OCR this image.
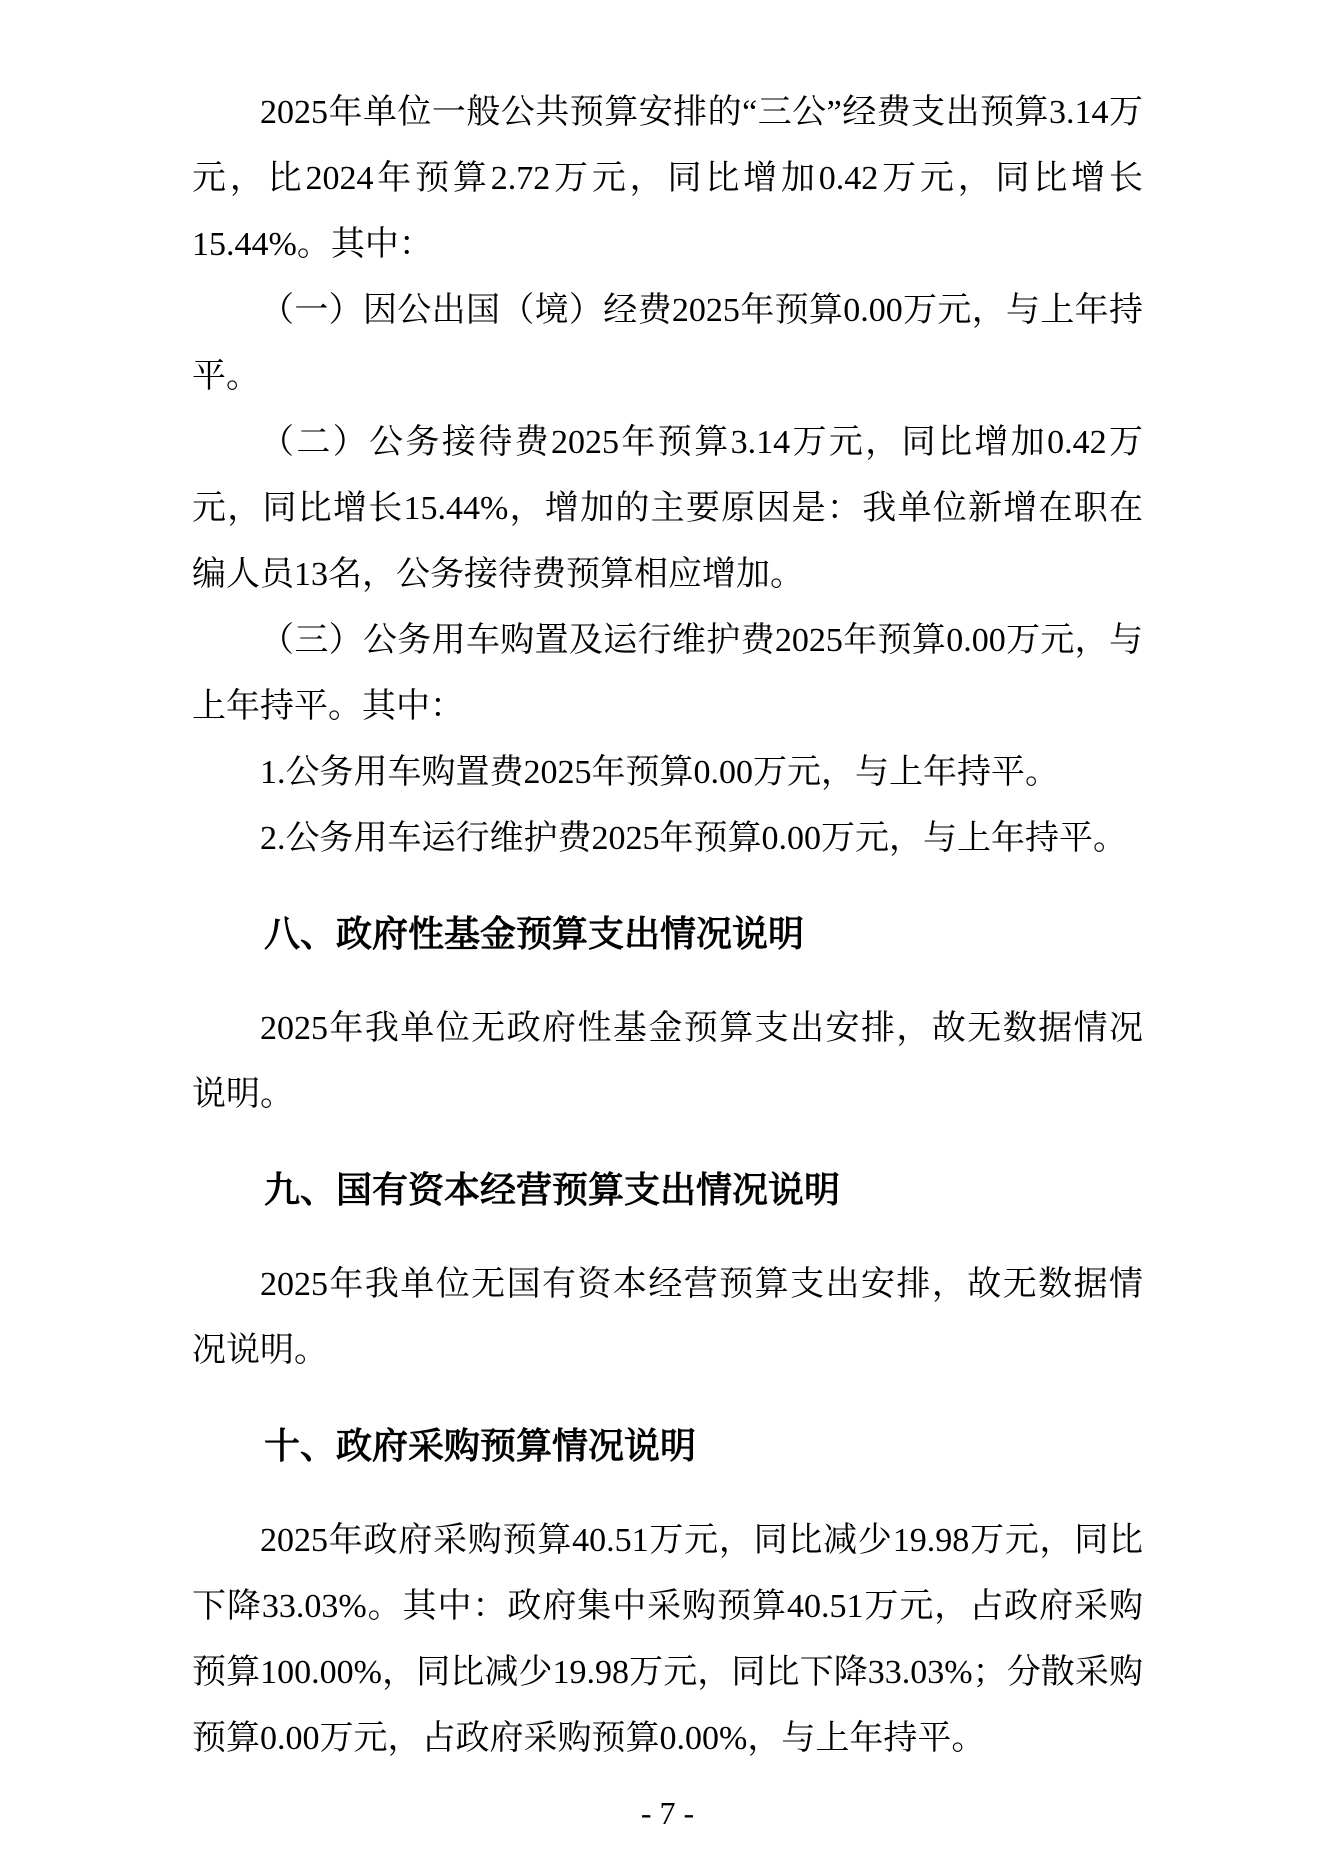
2025年单位一般公共预算安排的“三公”经费支出预算3.14万元，比2024年预算2.72万元，同比增加0.42万元，同比增长15.44%。其中：

（一）因公出国（境）经费2025年预算0.00万元，与上年持平。

（二）公务接待费2025年预算3.14万元，同比增加0.42万元，同比增长15.44%，增加的主要原因是：我单位新增在职在编人员13名，公务接待费预算相应增加。

（三）公务用车购置及运行维护费2025年预算0.00万元，与上年持平。其中：

1.公务用车购置费2025年预算0.00万元，与上年持平。

2.公务用车运行维护费2025年预算0.00万元，与上年持平。

八、政府性基金预算支出情况说明

2025年我单位无政府性基金预算支出安排，故无数据情况说明。

九、国有资本经营预算支出情况说明

2025年我单位无国有资本经营预算支出安排，故无数据情况说明。

十、政府采购预算情况说明

2025年政府采购预算40.51万元，同比减少19.98万元，同比下降33.03%。其中：政府集中采购预算40.51万元，占政府采购预算100.00%，同比减少19.98万元，同比下降33.03%；分散采购预算0.00万元，占政府采购预算0.00%，与上年持平。

- 7 -
